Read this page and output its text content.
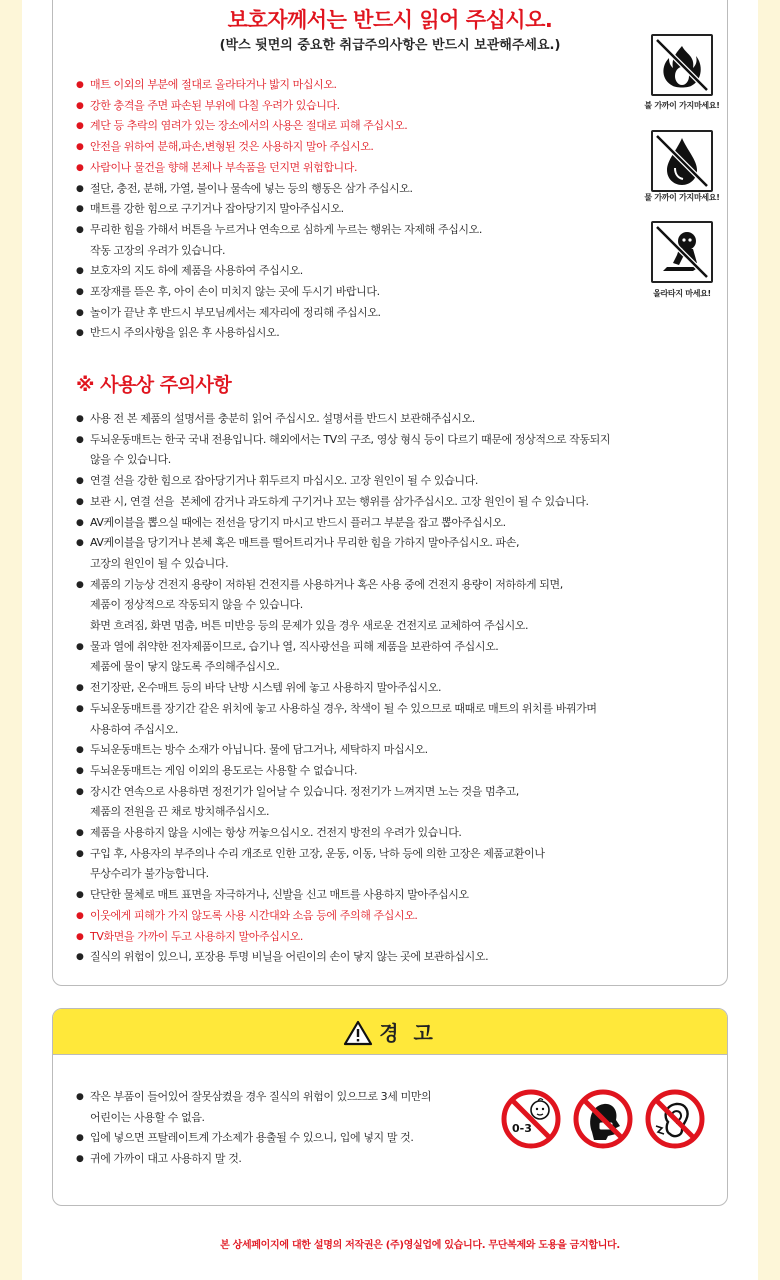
보호자께서는 반드시 읽어 주십시오.
(박스 뒷면의 중요한 취급주의사항은 반드시 보관해주세요.)
● 매트 이외의 부분에 절대로 올라타거나 밟지 마십시오.
● 강한 충격을 주면 파손된 부위에 다칠 우려가 있습니다.
● 계단 등 추락의 염려가 있는 장소에서의 사용은 절대로 피해 주십시오.
● 안전을 위하여 분해,파손,변형된 것은 사용하지 말아 주십시오.
● 사람이나 물건을 향해 본체나 부속품을 던지면 위험합니다.
● 절단, 충전, 분해, 가열, 불이나 물속에 넣는 등의 행동은 삼가 주십시오.
● 매트를 강한 힘으로 구기거나 잡아당기지 말아주십시오.
● 무리한 힘을 가해서 버튼을 누르거나 연속으로 심하게 누르는 행위는 자제해 주십시오.
작동 고장의 우려가 있습니다.
● 보호자의 지도 하에 제품을 사용하여 주십시오.
● 포장재를 뜯은 후, 아이 손이 미치지 않는 곳에 두시기 바랍니다.
● 놀이가 끝난 후 반드시 부모님께서는 제자리에 정리해 주십시오.
● 반드시 주의사항을 읽은 후 사용하십시오.
불 가까이 가지마세요!
물 가까이 가지마세요!
올라타지 마세요!
※ 사용상 주의사항
● 사용 전 본 제품의 설명서를 충분히 읽어 주십시오. 설명서를 반드시 보관해주십시오.
● 두뇌운동매트는 한국 국내 전용입니다. 해외에서는 TV의 구조, 영상 형식 등이 다르기 때문에 정상적으로 작동되지
않을 수 있습니다.
● 연결 선을 강한 힘으로 잡아당기거나 휘두르지 마십시오. 고장 원인이 될 수 있습니다.
● 보관 시, 연결 선을  본체에 감거나 과도하게 구기거나 꼬는 행위를 삼가주십시오. 고장 원인이 될 수 있습니다.
● AV케이블을 뽑으실 때에는 전선을 당기지 마시고 반드시 플러그 부분을 잡고 뽑아주십시오.
● AV케이블을 당기거나 본체 혹은 매트를 떨어트리거나 무리한 힘을 가하지 말아주십시오. 파손,
고장의 원인이 될 수 있습니다.
● 제품의 기능상 건전지 용량이 저하된 건전지를 사용하거나 혹은 사용 중에 건전지 용량이 저하하게 되면,
제품이 정상적으로 작동되지 않을 수 있습니다.
화면 흐려짐, 화면 멈춤, 버튼 미반응 등의 문제가 있을 경우 새로운 건전지로 교체하여 주십시오.
● 물과 열에 취약한 전자제품이므로, 습기나 열, 직사광선을 피해 제품을 보관하여 주십시오.
제품에 물이 닿지 않도록 주의해주십시오.
● 전기장판, 온수매트 등의 바닥 난방 시스템 위에 놓고 사용하지 말아주십시오.
● 두뇌운동매트를 장기간 같은 위치에 놓고 사용하실 경우, 착색이 될 수 있으므로 때때로 매트의 위치를 바꿔가며
사용하여 주십시오.
● 두뇌운동매트는 방수 소재가 아닙니다. 물에 담그거나, 세탁하지 마십시오.
● 두뇌운동매트는 게임 이외의 용도로는 사용할 수 없습니다.
● 장시간 연속으로 사용하면 정전기가 일어날 수 있습니다. 정전기가 느껴지면 노는 것을 멈추고,
제품의 전원을 끈 채로 방치해주십시오.
● 제품을 사용하지 않을 시에는 항상 꺼놓으십시오. 건전지 방전의 우려가 있습니다.
● 구입 후, 사용자의 부주의나 수리 개조로 인한 고장, 운동, 이동, 낙하 등에 의한 고장은 제품교환이나
무상수리가 불가능합니다.
● 단단한 물체로 매트 표면을 자극하거나, 신발을 신고 매트를 사용하지 말아주십시오
● 이웃에게 피해가 가지 않도록 사용 시간대와 소음 등에 주의해 주십시오.
● TV화면을 가까이 두고 사용하지 말아주십시오.
● 질식의 위험이 있으니, 포장용 투명 비닐을 어린이의 손이 닿지 않는 곳에 보관하십시오.
경 고
● 작은 부품이 들어있어 잘못삼켰을 경우 질식의 위험이 있으므로 3세 미만의
어린이는 사용할 수 없음.
● 입에 넣으면 프탈레이트계 가소제가 용출될 수 있으니, 입에 넣지 말 것.
● 귀에 가까이 대고 사용하지 말 것.
0-3
본 상세페이지에 대한 설명의 저작권은 (주)영실업에 있습니다. 무단복제와 도용을 금지합니다.
